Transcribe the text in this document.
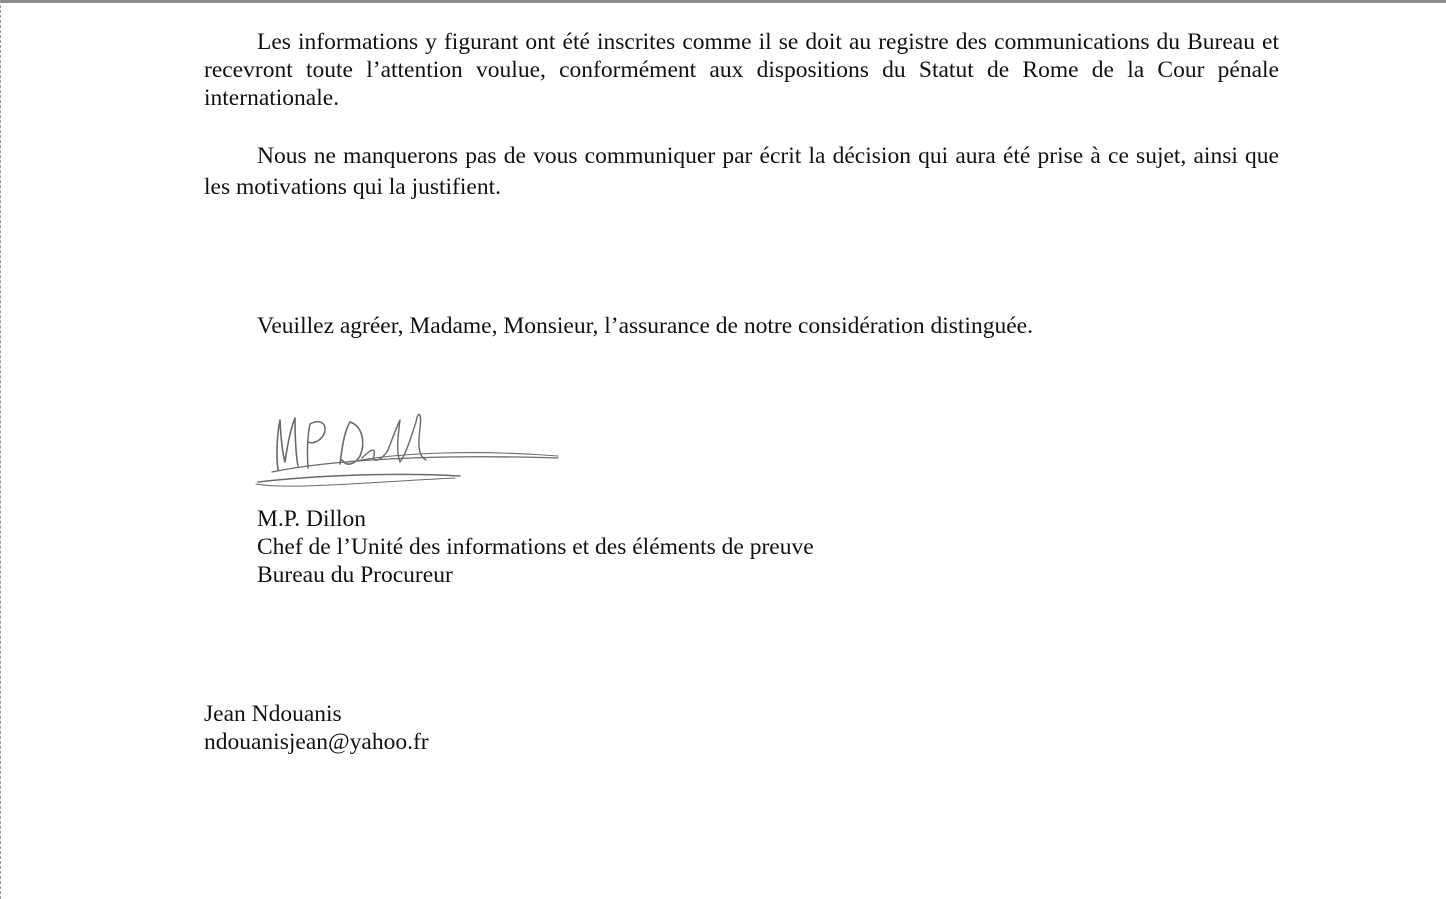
Les informations y figurant ont été inscrites comme il se doit au registre des communications du Bureau et recevront toute l’attention voulue, conformément aux dispositions du Statut de Rome de la Cour pénale internationale.

Nous ne manquerons pas de vous communiquer par écrit la décision qui aura été prise à ce sujet, ainsi que les motivations qui la justifient.

Veuillez agréer, Madame, Monsieur, l’assurance de notre considération distinguée.

M.P. Dillon
Chef de l’Unité des informations et des éléments de preuve
Bureau du Procureur
Jean Ndouanis
ndouanisjean@yahoo.fr
